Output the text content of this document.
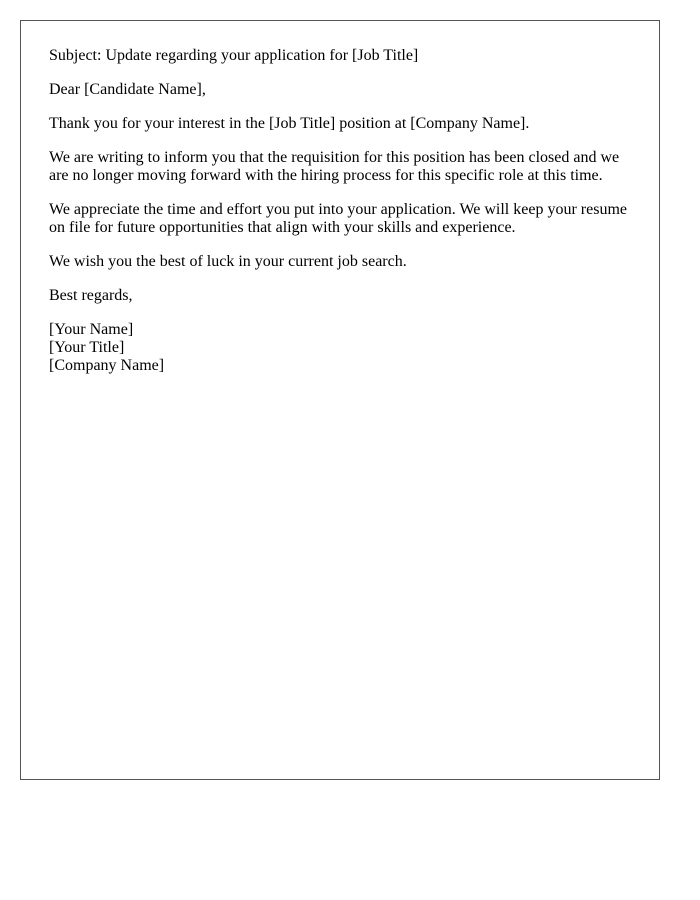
Subject: Update regarding your application for [Job Title]

Dear [Candidate Name],

Thank you for your interest in the [Job Title] position at [Company Name].

We are writing to inform you that the requisition for this position has been closed and we are no longer moving forward with the hiring process for this specific role at this time.

We appreciate the time and effort you put into your application. We will keep your resume on file for future opportunities that align with your skills and experience.

We wish you the best of luck in your current job search.

Best regards,

[Your Name]
[Your Title]
[Company Name]
